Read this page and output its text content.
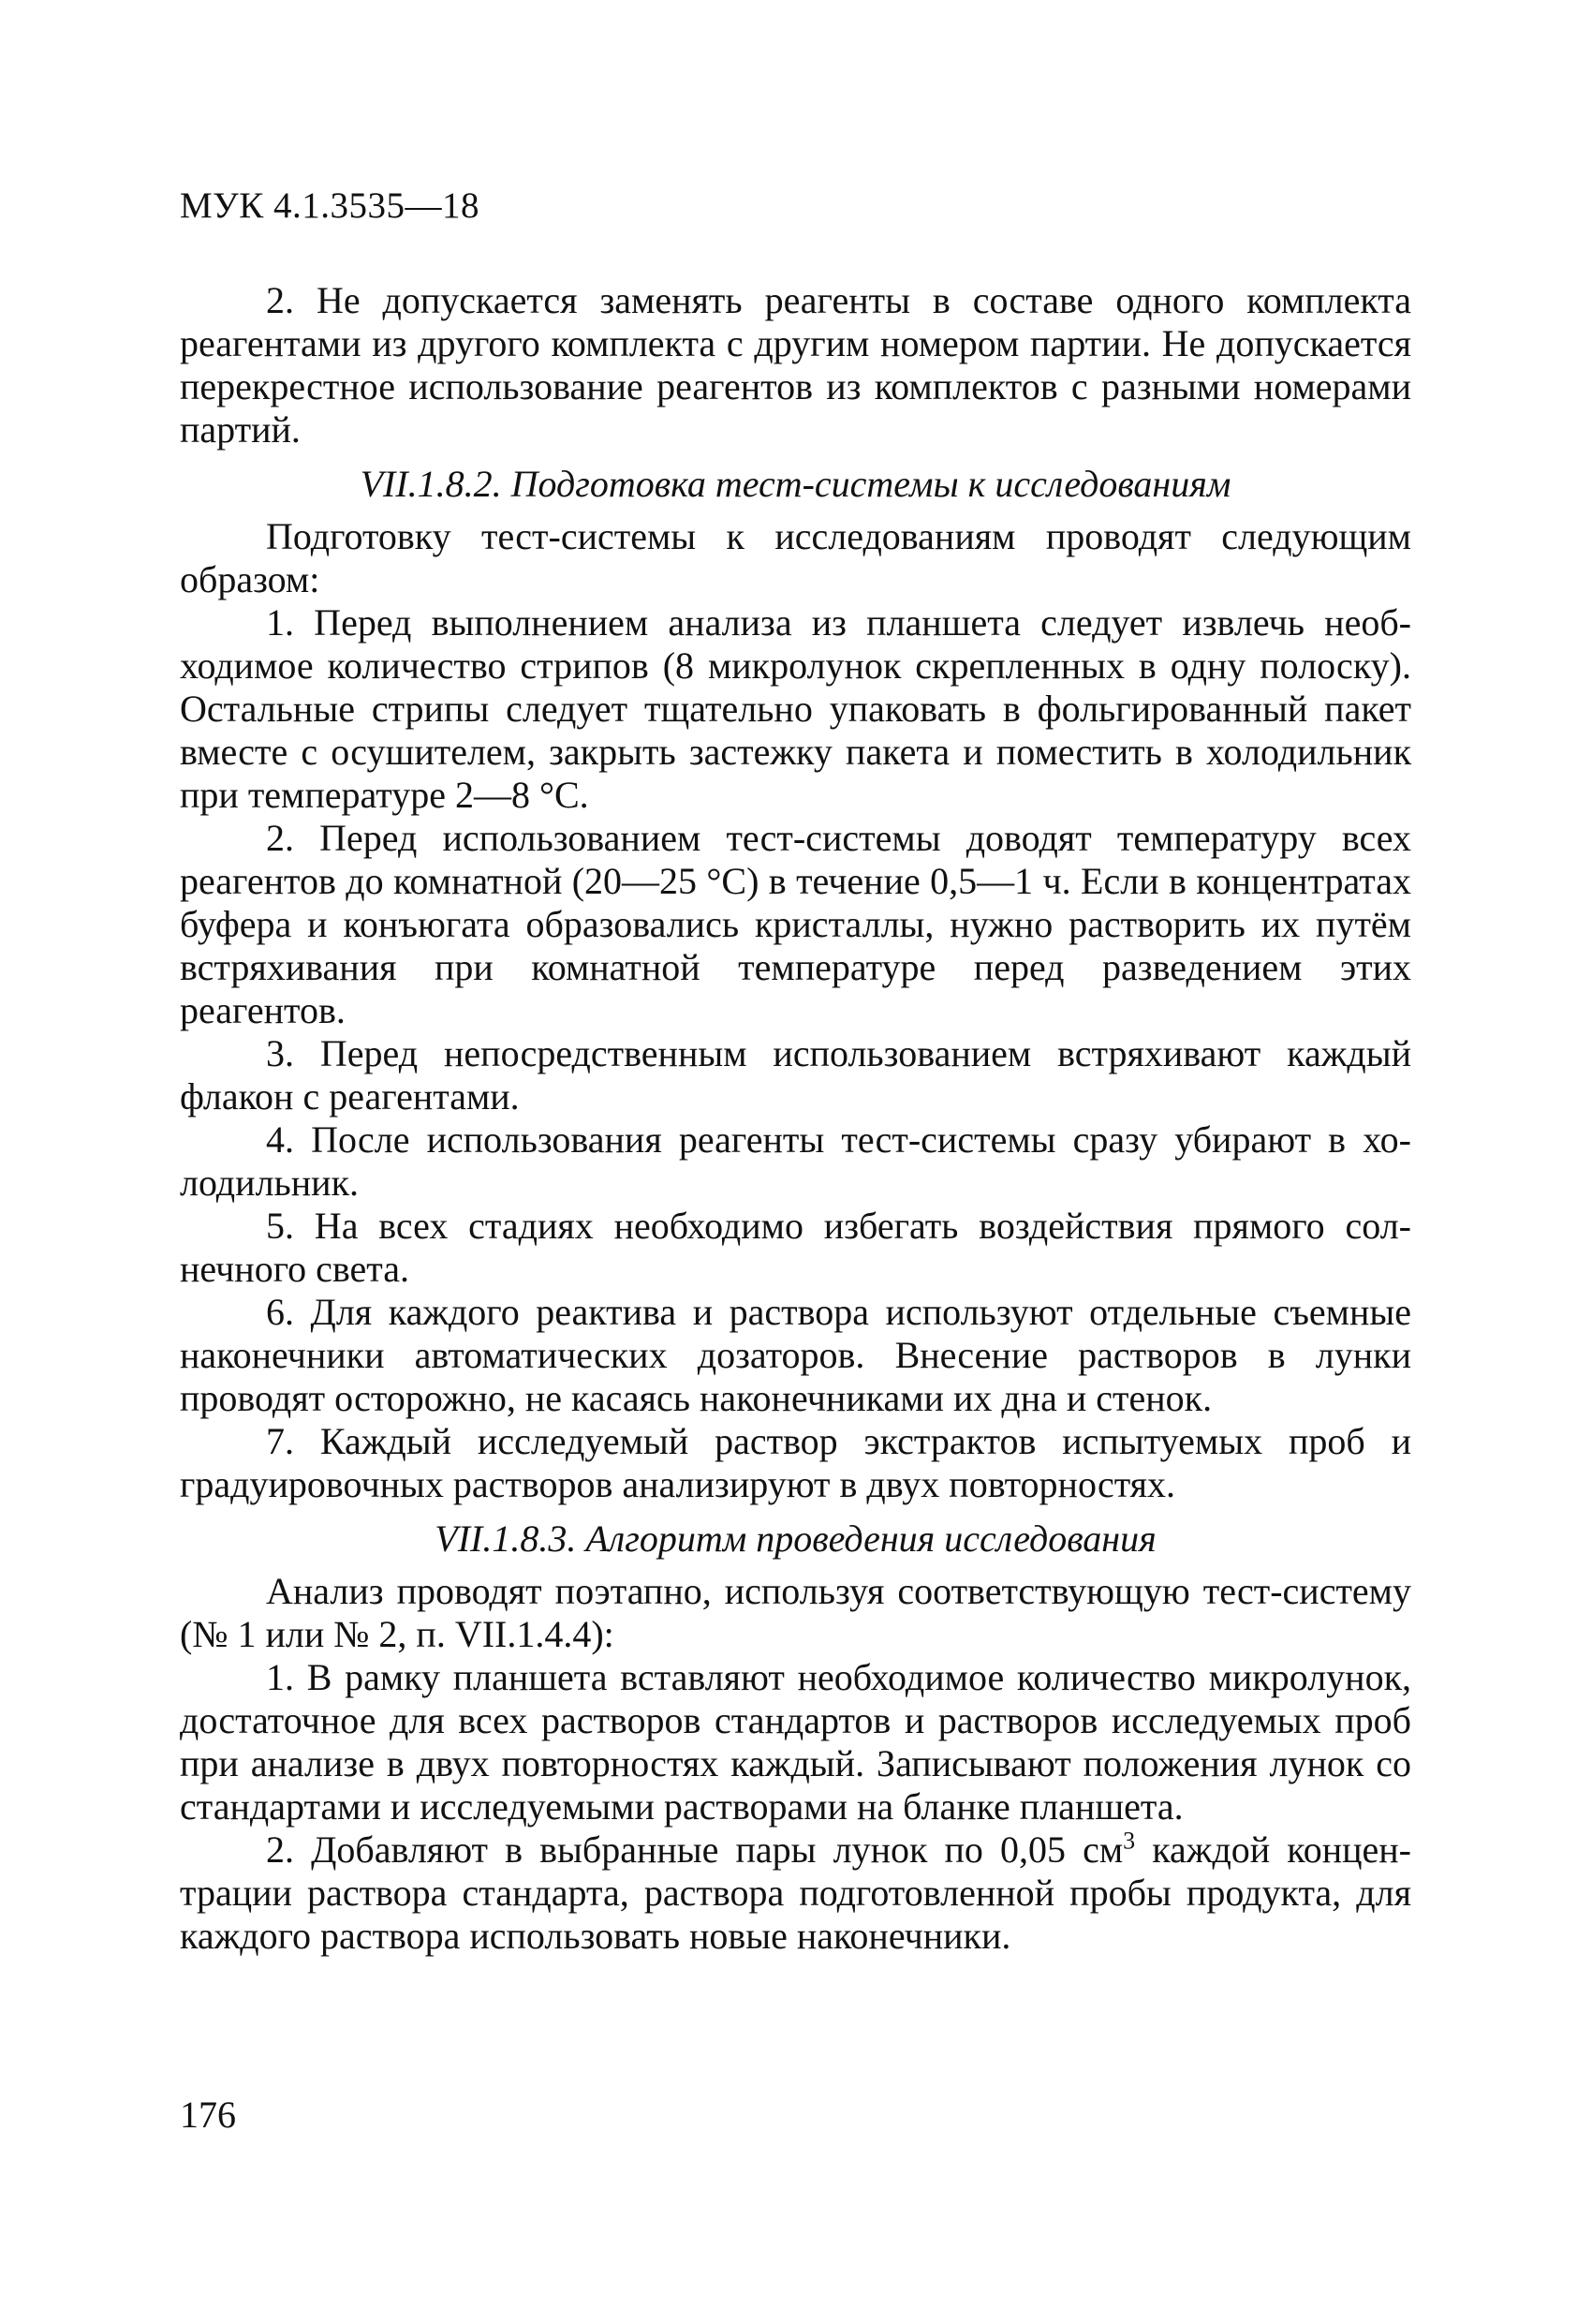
МУК 4.1.3535—18

2. Не допускается заменять реагенты в составе одного комплекта реагентами из другого комплекта с другим номером партии. Не допускается перекрестное использование реагентов из комплектов с разными номерами партий.

VII.1.8.2. Подготовка тест-системы к исследованиям

Подготовку тест-системы к исследованиям проводят следующим образом:

1. Перед выполнением анализа из планшета следует извлечь необходимое количество стрипов (8 микролунок скрепленных в одну полоску). Остальные стрипы следует тщательно упаковать в фольгированный пакет вместе с осушителем, закрыть застежку пакета и поместить в холодильник при температуре 2—8 °С.

2. Перед использованием тест-системы доводят температуру всех реагентов до комнатной (20—25 °С) в течение 0,5—1 ч. Если в концентратах буфера и конъюгата образовались кристаллы, нужно растворить их путём встряхивания при комнатной температуре перед разведением этих реагентов.

3. Перед непосредственным использованием встряхивают каждый флакон с реагентами.

4. После использования реагенты тест-системы сразу убирают в холодильник.

5. На всех стадиях необходимо избегать воздействия прямого солнечного света.

6. Для каждого реактива и раствора используют отдельные съемные наконечники автоматических дозаторов. Внесение растворов в лунки проводят осторожно, не касаясь наконечниками их дна и стенок.

7. Каждый исследуемый раствор экстрактов испытуемых проб и градуировочных растворов анализируют в двух повторностях.

VII.1.8.3. Алгоритм проведения исследования

Анализ проводят поэтапно, используя соответствующую тест-систему (№ 1 или № 2, п. VII.1.4.4):

1. В рамку планшета вставляют необходимое количество микролунок, достаточное для всех растворов стандартов и растворов исследуемых проб при анализе в двух повторностях каждый. Записывают положения лунок со стандартами и исследуемыми растворами на бланке планшета.

2. Добавляют в выбранные пары лунок по 0,05 $см^3$ каждой концентрации раствора стандарта, раствора подготовленной пробы продукта, для каждого раствора использовать новые наконечники.

176
